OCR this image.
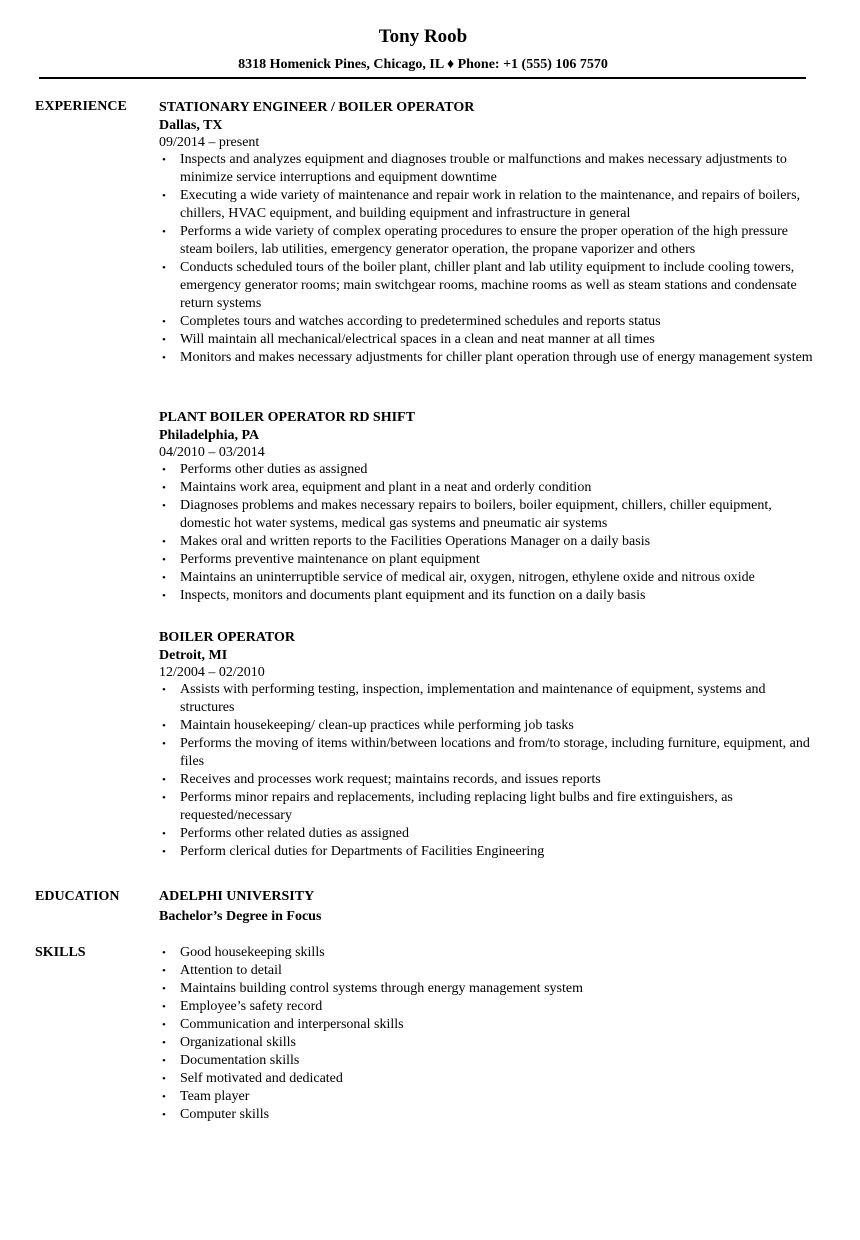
Tony Roob
8318 Homenick Pines, Chicago, IL ♦ Phone: +1 (555) 106 7570
EXPERIENCE STATIONARY ENGINEER / BOILER OPERATOR
Dallas, TX
09/2014 – present
• Inspects and analyzes equipment and diagnoses trouble or malfunctions and makes necessary adjustments to minimize service interruptions and equipment downtime
• Executing a wide variety of maintenance and repair work in relation to the maintenance, and repairs of boilers, chillers, HVAC equipment, and building equipment and infrastructure in general
• Performs a wide variety of complex operating procedures to ensure the proper operation of the high pressure steam boilers, lab utilities, emergency generator operation, the propane vaporizer and others
• Conducts scheduled tours of the boiler plant, chiller plant and lab utility equipment to include cooling towers, emergency generator rooms; main switchgear rooms, machine rooms as well as steam stations and condensate return systems
• Completes tours and watches according to predetermined schedules and reports status
• Will maintain all mechanical/electrical spaces in a clean and neat manner at all times
• Monitors and makes necessary adjustments for chiller plant operation through use of energy management system
PLANT BOILER OPERATOR RD SHIFT
Philadelphia, PA
04/2010 – 03/2014
• Performs other duties as assigned
• Maintains work area, equipment and plant in a neat and orderly condition
• Diagnoses problems and makes necessary repairs to boilers, boiler equipment, chillers, chiller equipment, domestic hot water systems, medical gas systems and pneumatic air systems
• Makes oral and written reports to the Facilities Operations Manager on a daily basis
• Performs preventive maintenance on plant equipment
• Maintains an uninterruptible service of medical air, oxygen, nitrogen, ethylene oxide and nitrous oxide
• Inspects, monitors and documents plant equipment and its function on a daily basis
BOILER OPERATOR
Detroit, MI
12/2004 – 02/2010
• Assists with performing testing, inspection, implementation and maintenance of equipment, systems and structures
• Maintain housekeeping/ clean-up practices while performing job tasks
• Performs the moving of items within/between locations and from/to storage, including furniture, equipment, and files
• Receives and processes work request; maintains records, and issues reports
• Performs minor repairs and replacements, including replacing light bulbs and fire extinguishers, as requested/necessary
• Performs other related duties as assigned
• Perform clerical duties for Departments of Facilities Engineering
EDUCATION	ADELPHI UNIVERSITY
Bachelor’s Degree in Focus
SKILLS	• Good housekeeping skills
• Attention to detail
• Maintains building control systems through energy management system
• Employee’s safety record
• Communication and interpersonal skills
• Organizational skills
• Documentation skills
• Self motivated and dedicated
• Team player
• Computer skills
